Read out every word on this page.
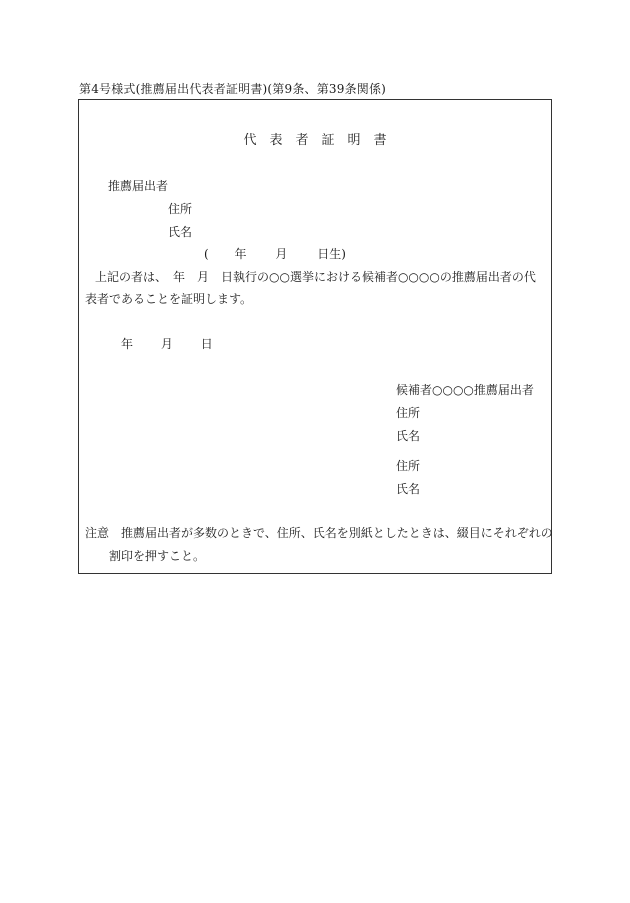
第4号様式(推薦届出代表者証明書)(第9条、第39条関係)
代表者証明書
推薦届出者
住所
氏名
( 年 月 日生)
上記の者は、　年　月　日執行の○○選挙における候補者○○○○の推薦届出者の代
表者であることを証明します。
年 月 日
候補者○○○○推薦届出者
住所
氏名
住所
氏名
注意　推薦届出者が多数のときで、住所、氏名を別紙としたときは、綴目にそれぞれの
割印を押すこと。
